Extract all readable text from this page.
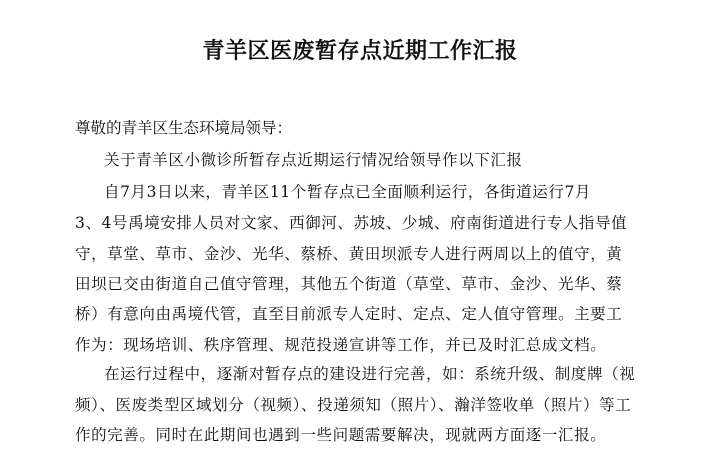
青羊区医废暂存点近期工作汇报
尊敬的青羊区生态环境局领导：
关于青羊区小微诊所暂存点近期运行情况给领导作以下汇报
自7月3日以来，青羊区11个暂存点已全面顺利运行，各街道运行7月
3、4号禹境安排人员对文家、西御河、苏坡、少城、府南街道进行专人指导值
守，草堂、草市、金沙、光华、蔡桥、黄田坝派专人进行两周以上的值守，黄
田坝已交由街道自己值守管理，其他五个街道（草堂、草市、金沙、光华、蔡
桥）有意向由禹境代管，直至目前派专人定时、定点、定人值守管理。主要工
作为：现场培训、秩序管理、规范投递宣讲等工作，并已及时汇总成文档。
在运行过程中，逐渐对暂存点的建设进行完善，如：系统升级、制度牌（视
频）、医废类型区域划分（视频）、投递须知（照片）、瀚洋签收单（照片）等工
作的完善。同时在此期间也遇到一些问题需要解决，现就两方面逐一汇报。
